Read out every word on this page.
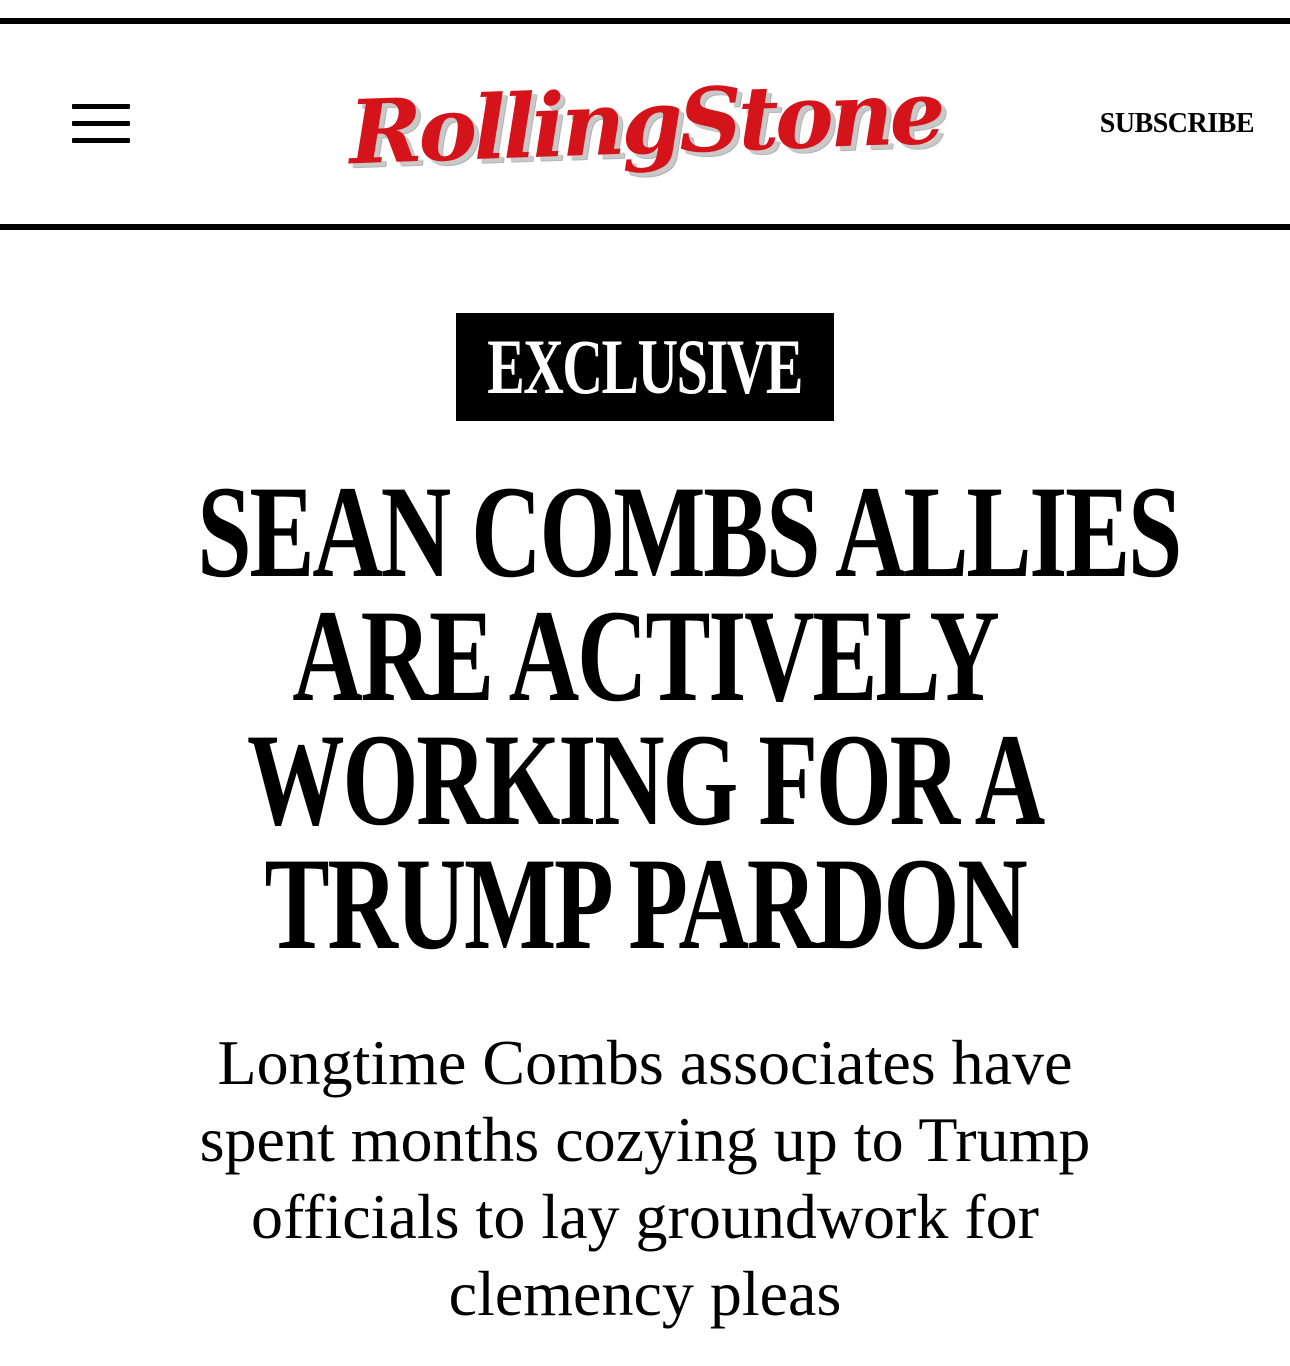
RollingStone	SUBSCRIBE
EXCLUSIVE
SEAN COMBS ALLIES
ARE ACTIVELY
WORKING FOR A
TRUMP PARDON

Longtime Combs associates have
spent months cozying up to Trump
officials to lay groundwork for
clemency pleas
